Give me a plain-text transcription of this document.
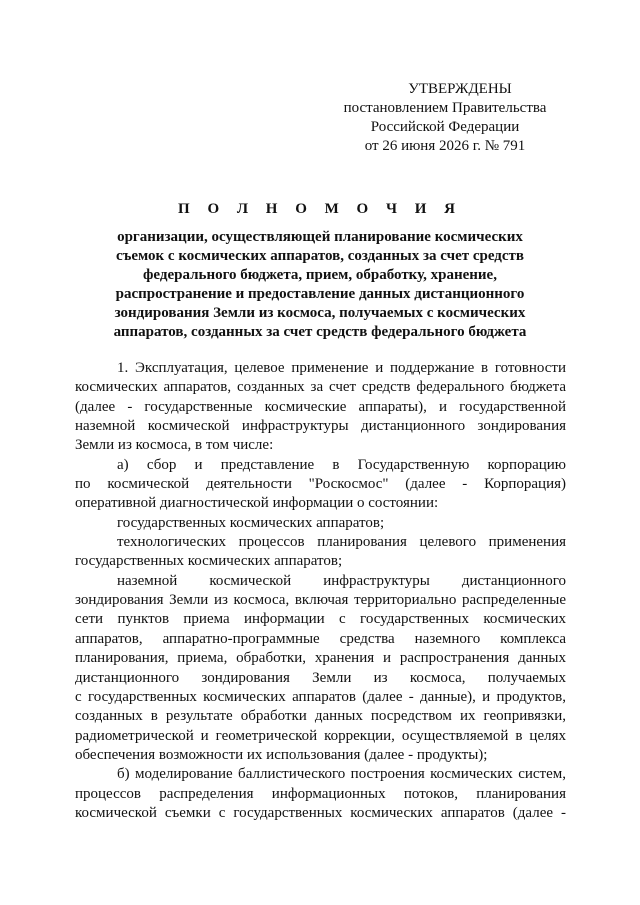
УТВЕРЖДЕНЫ
постановлением Правительства
Российской Федерации
от 26 июня 2026 г. № 791
П О Л Н О М О Ч И Я
организации, осуществляющей планирование космических
съемок с космических аппаратов, созданных за счет средств
федерального бюджета, прием, обработку, хранение,
распространение и предоставление данных дистанционного
зондирования Земли из космоса, получаемых с космических
аппаратов, созданных за счет средств федерального бюджета
1. Эксплуатация, целевое применение и поддержание в готовности
космических аппаратов, созданных за счет средств федерального бюджета
(далее - государственные космические аппараты), и государственной
наземной космической инфраструктуры дистанционного зондирования
Земли из космоса, в том числе:
а) сбор и представление в Государственную корпорацию
по космической деятельности "Роскосмос" (далее - Корпорация)
оперативной диагностической информации о состоянии:
государственных космических аппаратов;
технологических процессов планирования целевого применения
государственных космических аппаратов;
наземной космической инфраструктуры дистанционного
зондирования Земли из космоса, включая территориально распределенные
сети пунктов приема информации с государственных космических
аппаратов, аппаратно-программные средства наземного комплекса
планирования, приема, обработки, хранения и распространения данных
дистанционного зондирования Земли из космоса, получаемых
с государственных космических аппаратов (далее - данные), и продуктов,
созданных в результате обработки данных посредством их геопривязки,
радиометрической и геометрической коррекции, осуществляемой в целях
обеспечения возможности их использования (далее - продукты);
б) моделирование баллистического построения космических систем,
процессов распределения информационных потоков, планирования
космической съемки с государственных космических аппаратов (далее -
